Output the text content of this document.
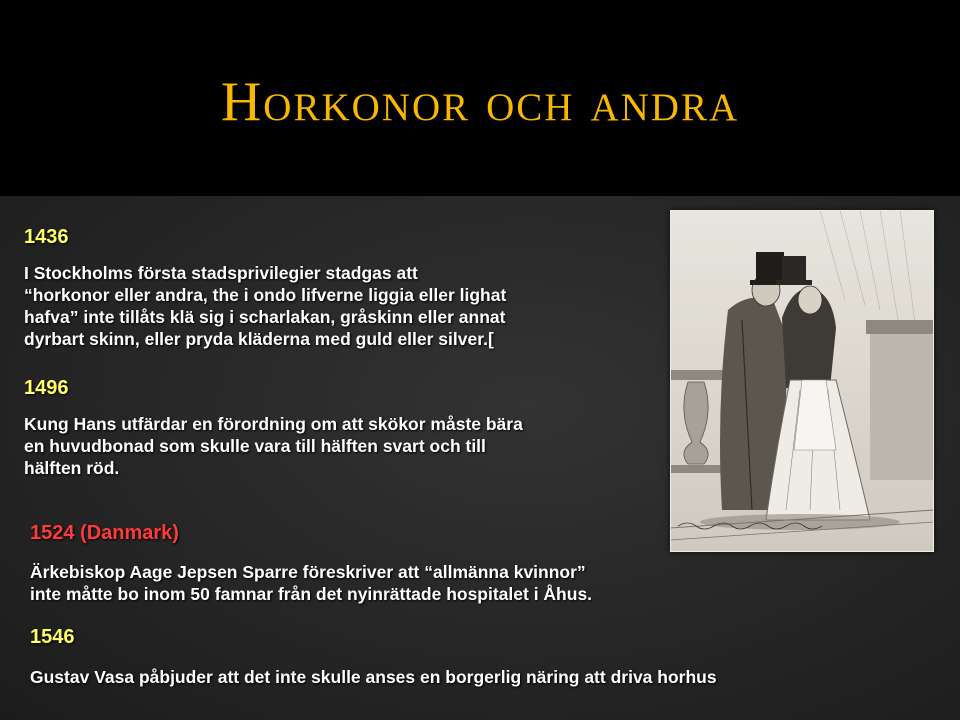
Horkonor och andra
1436
I Stockholms första stadsprivilegier stadgas att
“horkonor eller andra, the i ondo lifverne liggia eller lighat
hafva” inte tillåts klä sig i scharlakan, gråskinn eller annat
dyrbart skinn, eller pryda kläderna med guld eller silver.[
1496
Kung Hans utfärdar en förordning om att skökor måste bära
en huvudbonad som skulle vara till hälften svart och till
hälften röd.
1524 (Danmark)
Ärkebiskop Aage Jepsen Sparre föreskriver att “allmänna kvinnor”
inte måtte bo inom 50 famnar från det nyinrättade hospitalet i Åhus.
1546
Gustav Vasa påbjuder att det inte skulle anses en borgerlig näring att driva horhus
